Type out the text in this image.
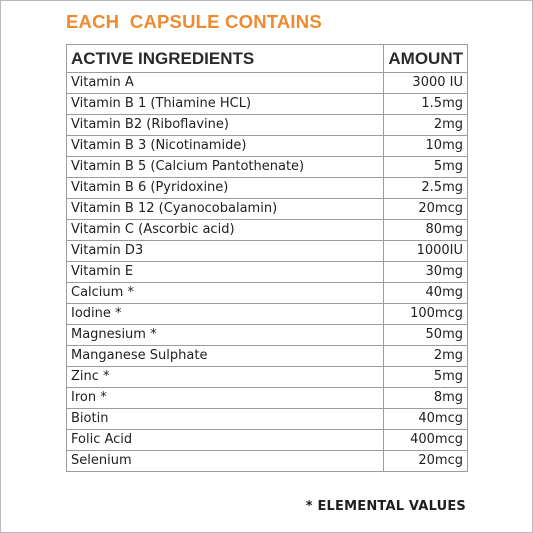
EACH  CAPSULE CONTAINS
ACTIVE INGREDIENTS	AMOUNT
Vitamin A	3000 IU
Vitamin B 1 (Thiamine HCL)	1.5mg
Vitamin B2 (Riboflavine)	2mg
Vitamin B 3 (Nicotinamide)	10mg
Vitamin B 5 (Calcium Pantothenate)	5mg
Vitamin B 6 (Pyridoxine)	2.5mg
Vitamin B 12 (Cyanocobalamin)	20mcg
Vitamin C (Ascorbic acid)	80mg
Vitamin D3	1000IU
Vitamin E	30mg
Calcium *	40mg
Iodine *	100mcg
Magnesium *	50mg
Manganese Sulphate	2mg
Zinc *	5mg
Iron *	8mg
Biotin	40mcg
Folic Acid	400mcg
Selenium	20mcg
* ELEMENTAL VALUES
